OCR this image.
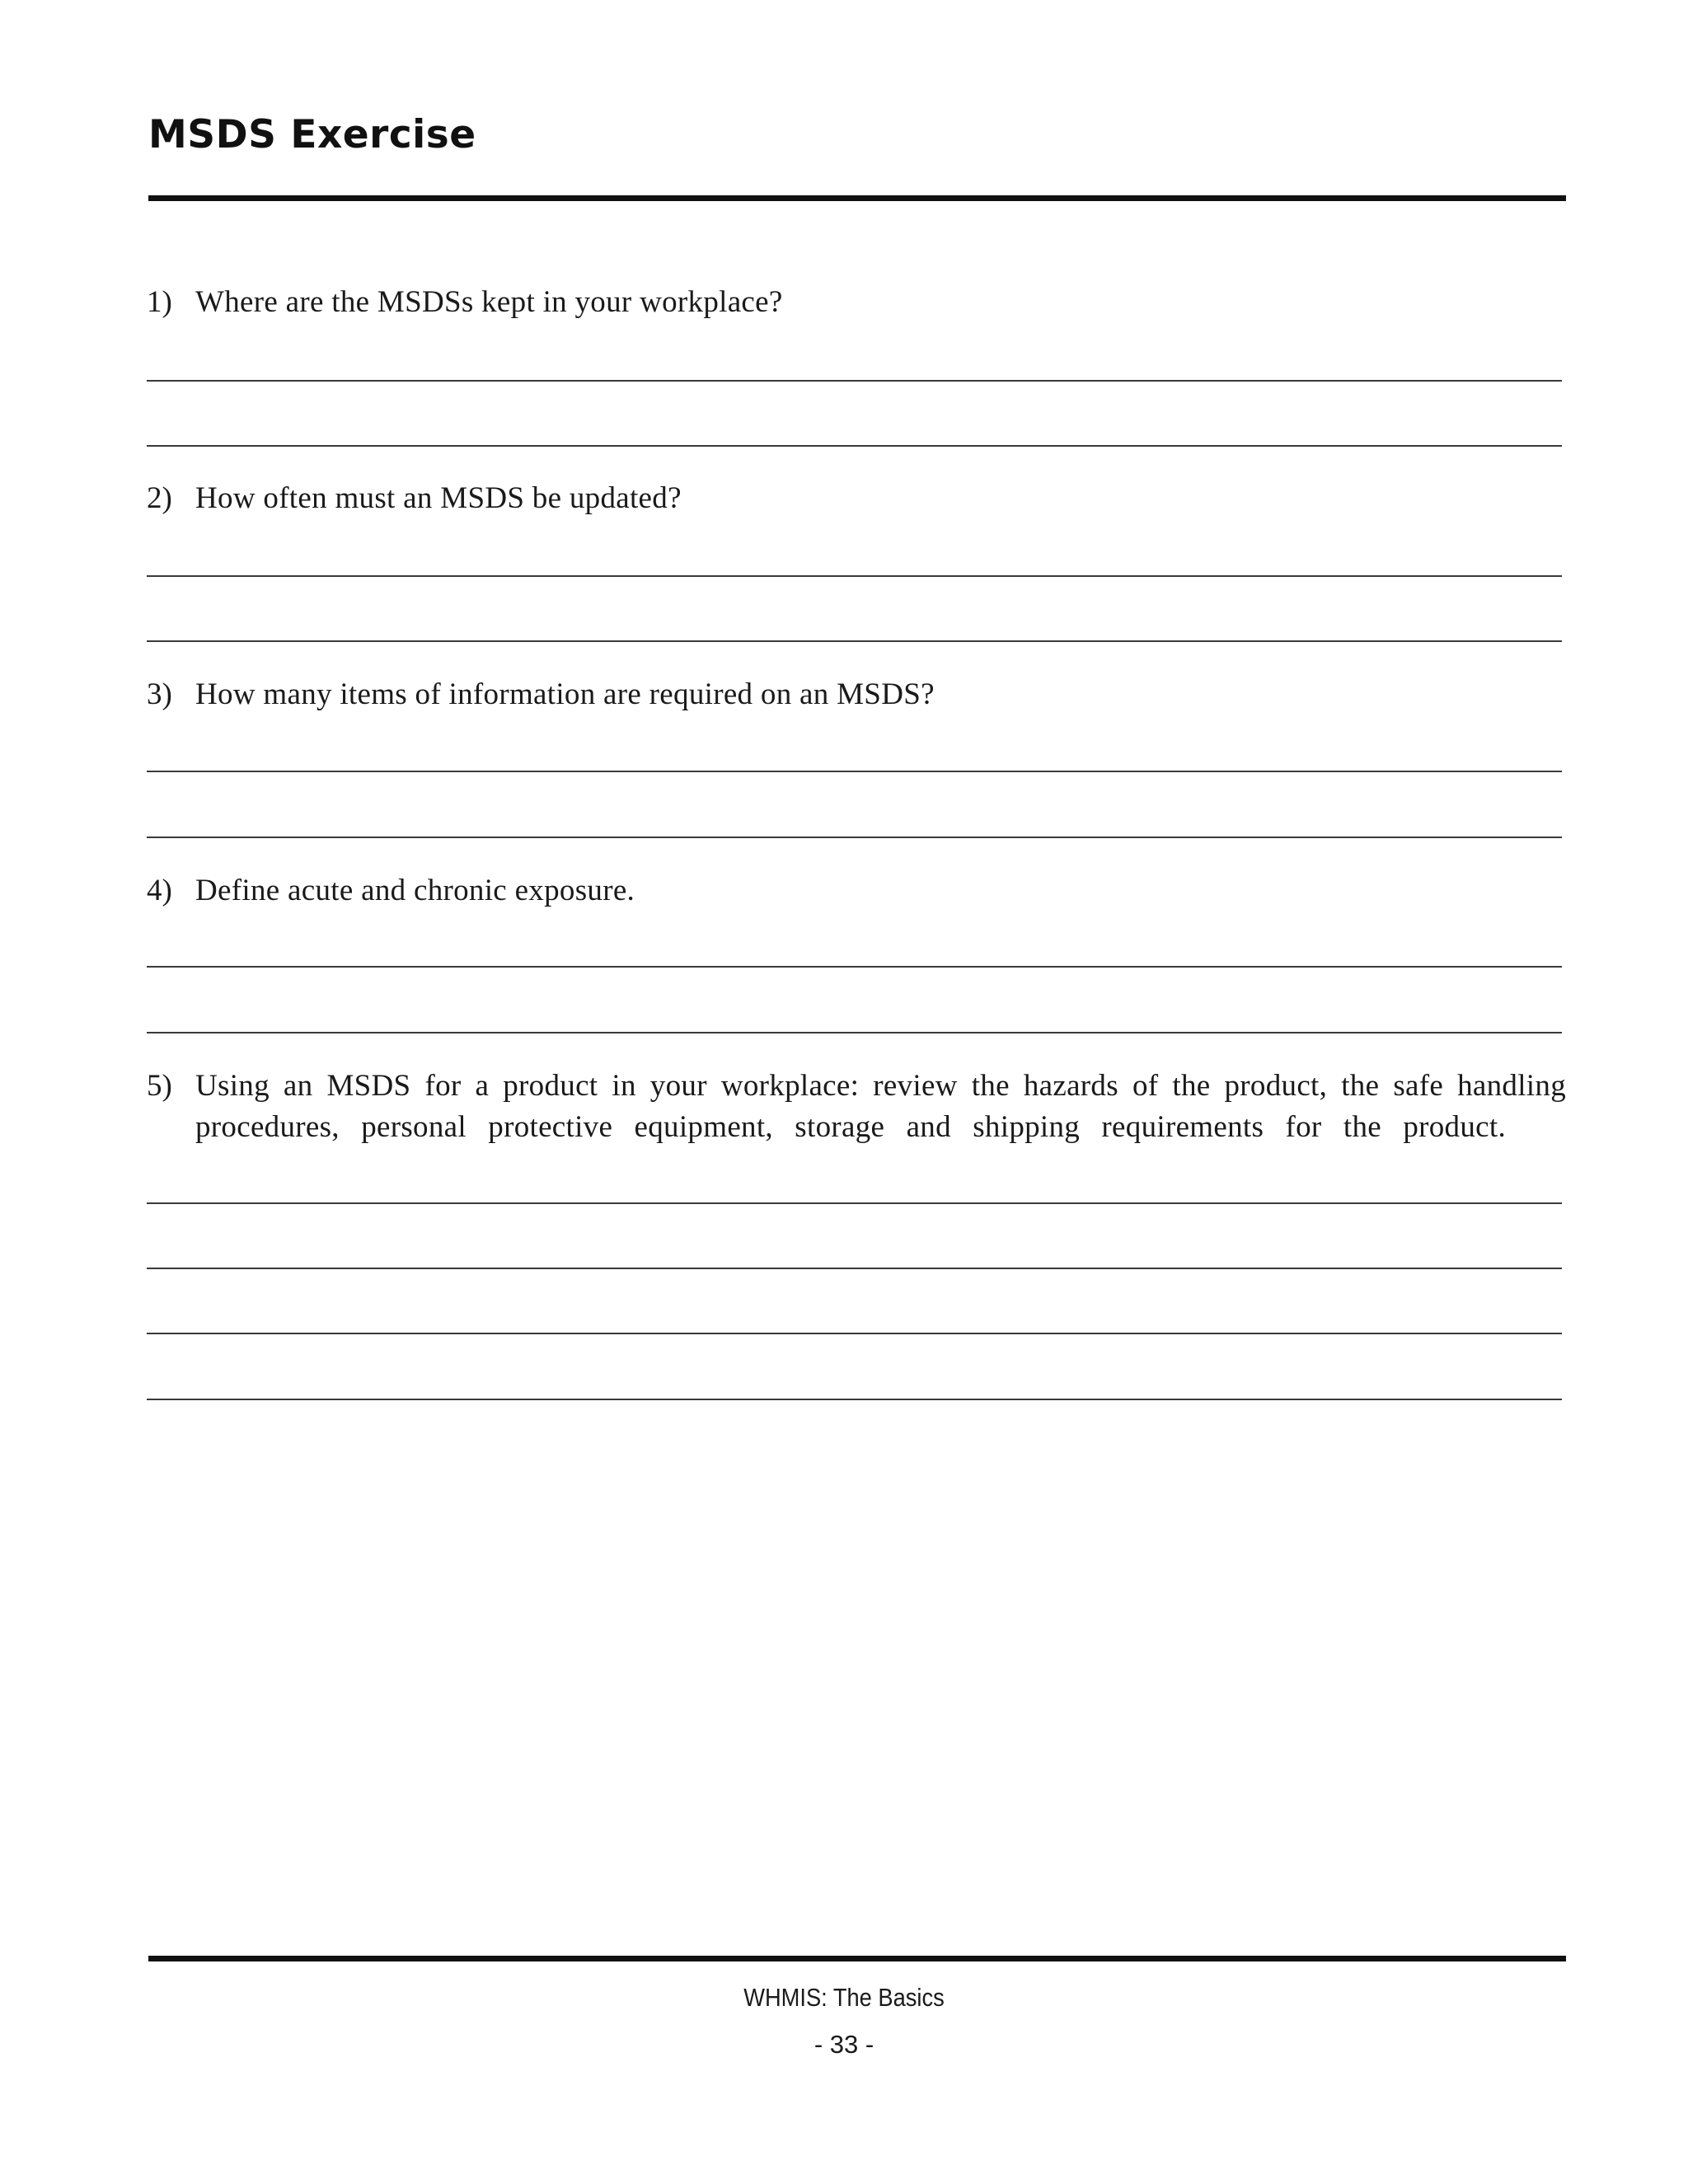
MSDS Exercise
1) Where are the MSDSs kept in your workplace?
2) How often must an MSDS be updated?
3) How many items of information are required on an MSDS?
4) Define acute and chronic exposure.
5) Using an MSDS for a product in your workplace: review the hazards of the product, the safe handling
procedures, personal protective equipment, storage and shipping requirements for the product.
WHMIS: The Basics
- 33 -
